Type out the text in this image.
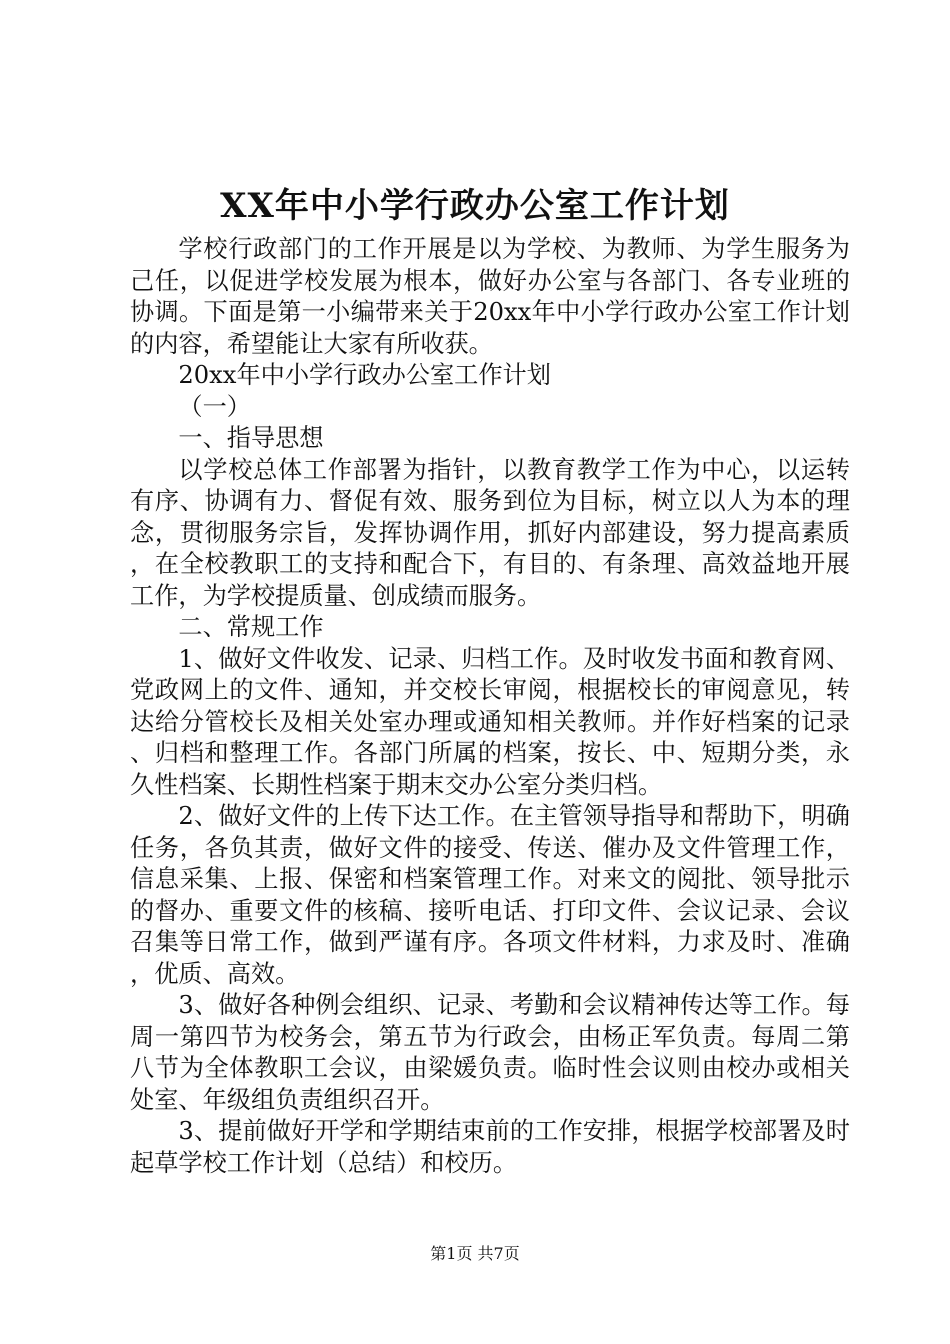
XX年中小学行政办公室工作计划

学校行政部门的工作开展是以为学校、为教师、为学生服务为己任，以促进学校发展为根本，做好办公室与各部门、各专业班的协调。下面是第一小编带来关于20xx年中小学行政办公室工作计划的内容，希望能让大家有所收获。

20xx年中小学行政办公室工作计划

（一）

一、指导思想

以学校总体工作部署为指针，以教育教学工作为中心，以运转有序、协调有力、督促有效、服务到位为目标，树立以人为本的理念，贯彻服务宗旨，发挥协调作用，抓好内部建设，努力提高素质，在全校教职工的支持和配合下，有目的、有条理、高效益地开展工作，为学校提质量、创成绩而服务。

二、常规工作

1、做好文件收发、记录、归档工作。及时收发书面和教育网、党政网上的文件、通知，并交校长审阅，根据校长的审阅意见，转达给分管校长及相关处室办理或通知相关教师。并作好档案的记录、归档和整理工作。各部门所属的档案，按长、中、短期分类，永久性档案、长期性档案于期末交办公室分类归档。

2、做好文件的上传下达工作。在主管领导指导和帮助下，明确任务，各负其责，做好文件的接受、传送、催办及文件管理工作，信息采集、上报、保密和档案管理工作。对来文的阅批、领导批示的督办、重要文件的核稿、接听电话、打印文件、会议记录、会议召集等日常工作，做到严谨有序。各项文件材料，力求及时、准确，优质、高效。

3、做好各种例会组织、记录、考勤和会议精神传达等工作。每周一第四节为校务会，第五节为行政会，由杨正军负责。每周二第八节为全体教职工会议，由梁媛负责。临时性会议则由校办或相关处室、年级组负责组织召开。

3、提前做好开学和学期结束前的工作安排，根据学校部署及时起草学校工作计划（总结）和校历。

第1页 共7页
